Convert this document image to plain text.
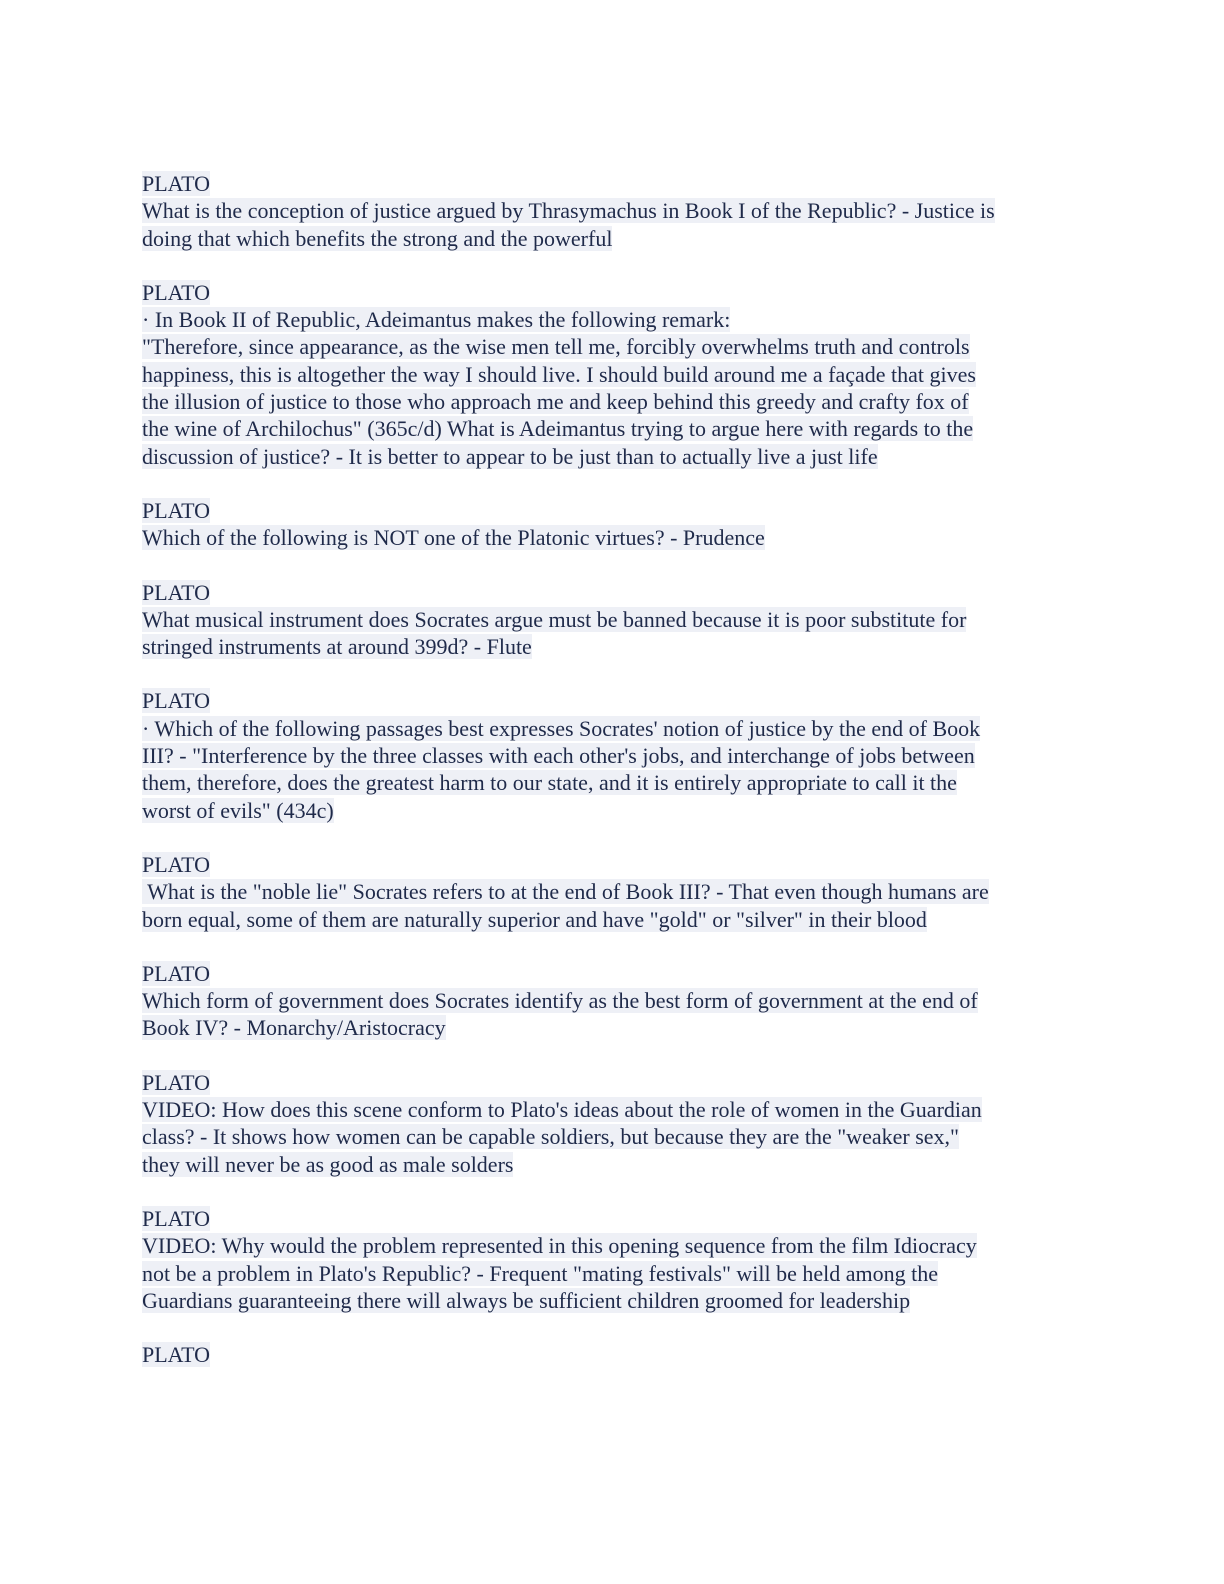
PLATO
What is the conception of justice argued by Thrasymachus in Book I of the Republic? - Justice is
doing that which benefits the strong and the powerful
PLATO
· In Book II of Republic, Adeimantus makes the following remark:
"Therefore, since appearance, as the wise men tell me, forcibly overwhelms truth and controls
happiness, this is altogether the way I should live. I should build around me a façade that gives
the illusion of justice to those who approach me and keep behind this greedy and crafty fox of
the wine of Archilochus" (365c/d) What is Adeimantus trying to argue here with regards to the
discussion of justice? - It is better to appear to be just than to actually live a just life
PLATO
Which of the following is NOT one of the Platonic virtues? - Prudence
PLATO
What musical instrument does Socrates argue must be banned because it is poor substitute for
stringed instruments at around 399d? - Flute
PLATO
· Which of the following passages best expresses Socrates' notion of justice by the end of Book
III? - "Interference by the three classes with each other's jobs, and interchange of jobs between
them, therefore, does the greatest harm to our state, and it is entirely appropriate to call it the
worst of evils" (434c)
PLATO
What is the "noble lie" Socrates refers to at the end of Book III? - That even though humans are
born equal, some of them are naturally superior and have "gold" or "silver" in their blood
PLATO
Which form of government does Socrates identify as the best form of government at the end of
Book IV? - Monarchy/Aristocracy
PLATO
VIDEO: How does this scene conform to Plato's ideas about the role of women in the Guardian
class? - It shows how women can be capable soldiers, but because they are the "weaker sex,"
they will never be as good as male solders
PLATO
VIDEO: Why would the problem represented in this opening sequence from the film Idiocracy
not be a problem in Plato's Republic? - Frequent "mating festivals" will be held among the
Guardians guaranteeing there will always be sufficient children groomed for leadership
PLATO
